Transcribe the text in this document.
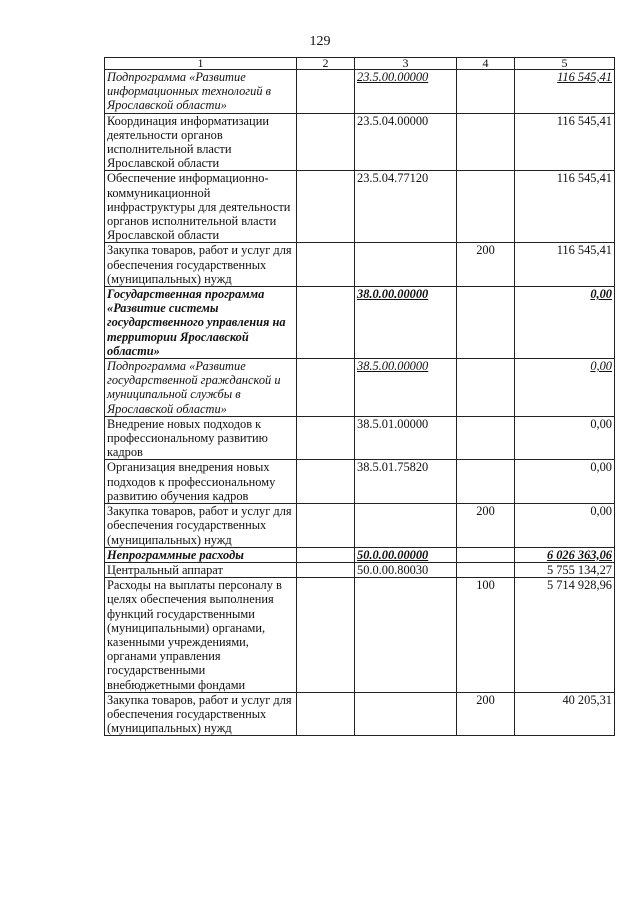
129
1	2	3	4	5
Подпрограмма «Развитие информационных технологий в Ярославской области»		23.5.00.00000		116 545,41
Координация информатизации деятельности органов исполнительной власти Ярославской области		23.5.04.00000		116 545,41
Обеспечение информационно-коммуникационной инфраструктуры для деятельности органов исполнительной власти Ярославской области		23.5.04.77120		116 545,41
Закупка товаров, работ и услуг для обеспечения государственных (муниципальных) нужд			200	116 545,41
Государственная программа «Развитие системы государственного управления на территории Ярославской области»		38.0.00.00000		0,00
Подпрограмма «Развитие государственной гражданской и муниципальной службы в Ярославской области»		38.5.00.00000		0,00
Внедрение новых подходов к профессиональному развитию кадров		38.5.01.00000		0,00
Организация внедрения новых подходов к профессиональному развитию обучения кадров		38.5.01.75820		0,00
Закупка товаров, работ и услуг для обеспечения государственных (муниципальных) нужд			200	0,00
Непрограммные расходы		50.0.00.00000		6 026 363,06
Центральный аппарат		50.0.00.80030		5 755 134,27
Расходы на выплаты персоналу в целях обеспечения выполнения функций государственными (муниципальными) органами, казенными учреждениями, органами управления государственными внебюджетными фондами			100	5 714 928,96
Закупка товаров, работ и услуг для обеспечения государственных (муниципальных) нужд			200	40 205,31
